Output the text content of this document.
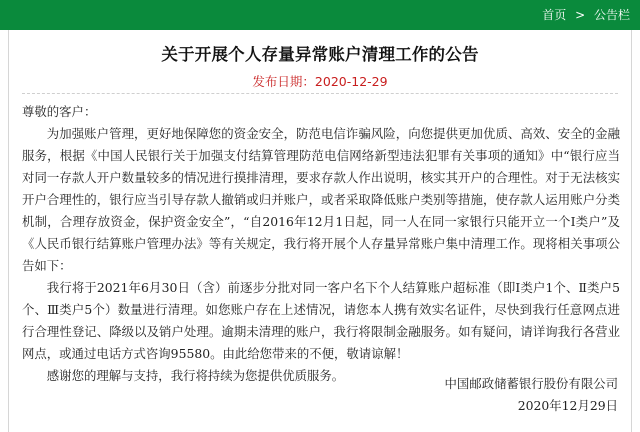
首页 > 公告栏
关于开展个人存量异常账户清理工作的公告
发布日期：2020-12-29

尊敬的客户：

为加强账户管理，更好地保障您的资金安全，防范电信诈骗风险，向您提供更加优质、高效、安全的金融服务，根据《中国人民银行关于加强支付结算管理防范电信网络新型违法犯罪有关事项的通知》中“银行应当对同一存款人开户数量较多的情况进行摸排清理，要求存款人作出说明，核实其开户的合理性。对于无法核实开户合理性的，银行应当引导存款人撤销或归并账户，或者采取降低账户类别等措施，使存款人运用账户分类机制，合理存放资金，保护资金安全”，“自2016年12月1日起，同一人在同一家银行只能开立一个Ⅰ类户”及《人民币银行结算账户管理办法》等有关规定，我行将开展个人存量异常账户集中清理工作。现将相关事项公告如下：

我行将于2021年6月30日（含）前逐步分批对同一客户名下个人结算账户超标准（即Ⅰ类户1个、Ⅱ类户5个、Ⅲ类户5个）数量进行清理。如您账户存在上述情况，请您本人携有效实名证件，尽快到我行任意网点进行合理性登记、降级以及销户处理。逾期未清理的账户，我行将限制金融服务。如有疑问，请详询我行各营业网点，或通过电话方式咨询95580。由此给您带来的不便，敬请谅解！

感谢您的理解与支持，我行将持续为您提供优质服务。

中国邮政储蓄银行股份有限公司
2020年12月29日
